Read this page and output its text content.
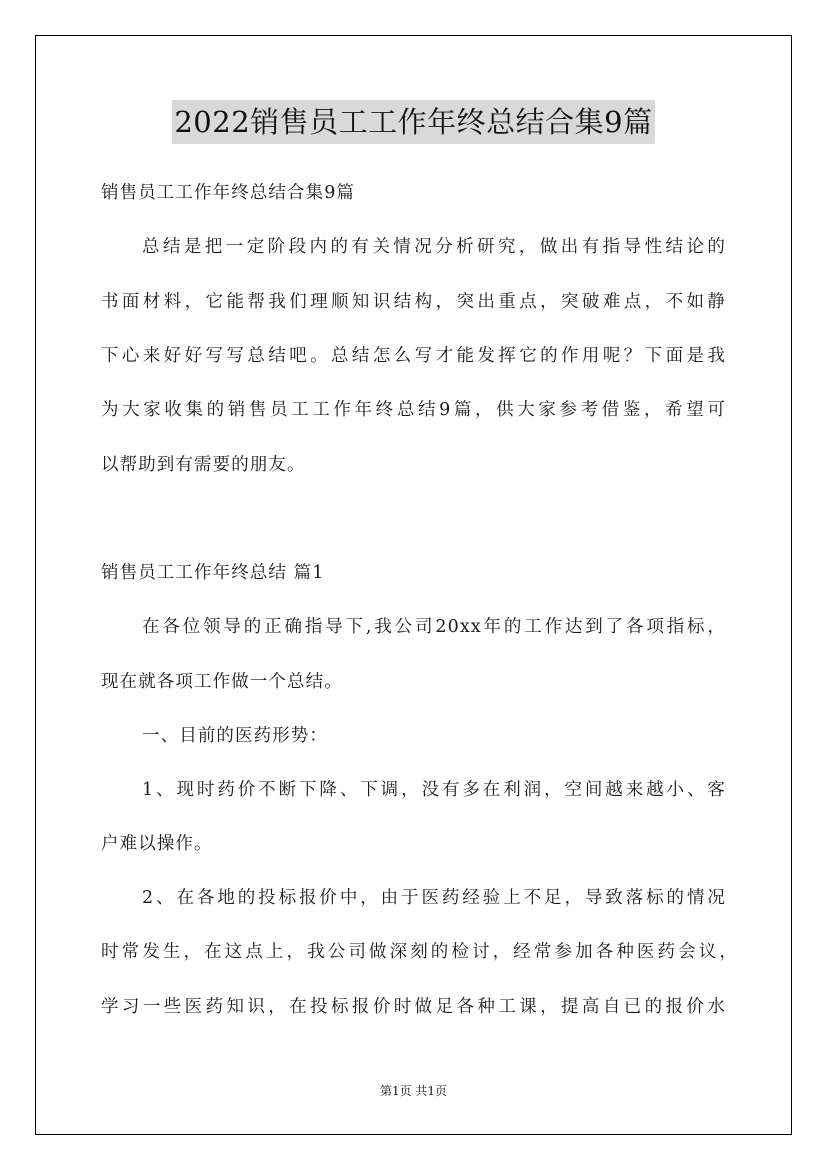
2022销售员工工作年终总结合集9篇
销售员工工作年终总结合集9篇
总结是把一定阶段内的有关情况分析研究，做出有指导性结论的
书面材料，它能帮我们理顺知识结构，突出重点，突破难点，不如静
下心来好好写写总结吧。总结怎么写才能发挥它的作用呢？下面是我
为大家收集的销售员工工作年终总结9篇，供大家参考借鉴，希望可
以帮助到有需要的朋友。
销售员工工作年终总结 篇1
在各位领导的正确指导下,我公司20xx年的工作达到了各项指标，
现在就各项工作做一个总结。
一、目前的医药形势：
1、现时药价不断下降、下调，没有多在利润，空间越来越小、客
户难以操作。
2、在各地的投标报价中，由于医药经验上不足，导致落标的情况
时常发生，在这点上，我公司做深刻的检讨，经常参加各种医药会议，
学习一些医药知识，在投标报价时做足各种工课，提高自已的报价水
第1页 共1页
